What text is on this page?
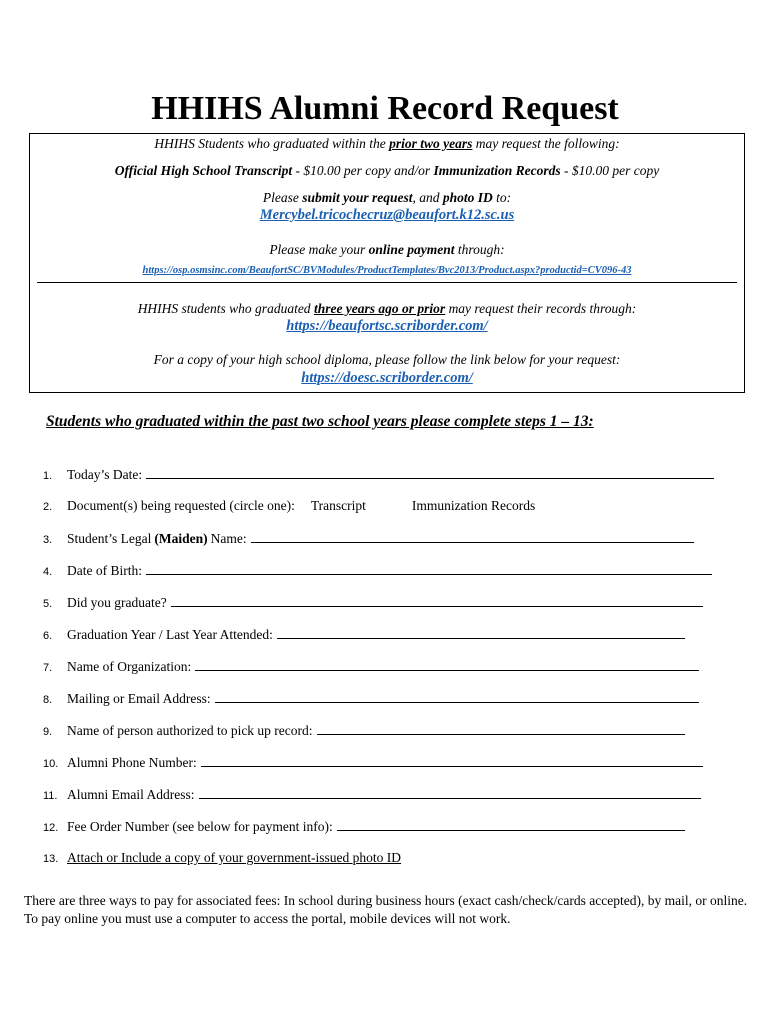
HHIHS Alumni Record Request
HHIHS Students who graduated within the prior two years may request the following:
Official High School Transcript - $10.00 per copy and/or Immunization Records - $10.00 per copy
Please submit your request, and photo ID to:
Mercybel.tricochecruz@beaufort.k12.sc.us
Please make your online payment through:
https://osp.osmsinc.com/BeaufortSC/BVModules/ProductTemplates/Bvc2013/Product.aspx?productid=CV096-43
HHIHS students who graduated three years ago or prior may request their records through:
https://beaufortsc.scriborder.com/
For a copy of your high school diploma, please follow the link below for your request:
https://doesc.scriborder.com/
Students who graduated within the past two school years please complete steps 1 – 13:
1.	Today’s Date:
2.	Document(s) being requested (circle one): Transcript	Immunization Records
3.	Student’s Legal (Maiden) Name:
4.	Date of Birth:
5.	Did you graduate?
6.	Graduation Year / Last Year Attended:
7.	Name of Organization:
8.	Mailing or Email Address:
9.	Name of person authorized to pick up record:
10. Alumni Phone Number:
11. Alumni Email Address:
12. Fee Order Number (see below for payment info):
13. Attach or Include a copy of your government-issued photo ID
There are three ways to pay for associated fees: In school during business hours (exact cash/check/cards accepted), by mail, or online. To pay online you must use a computer to access the portal, mobile devices will not work.
